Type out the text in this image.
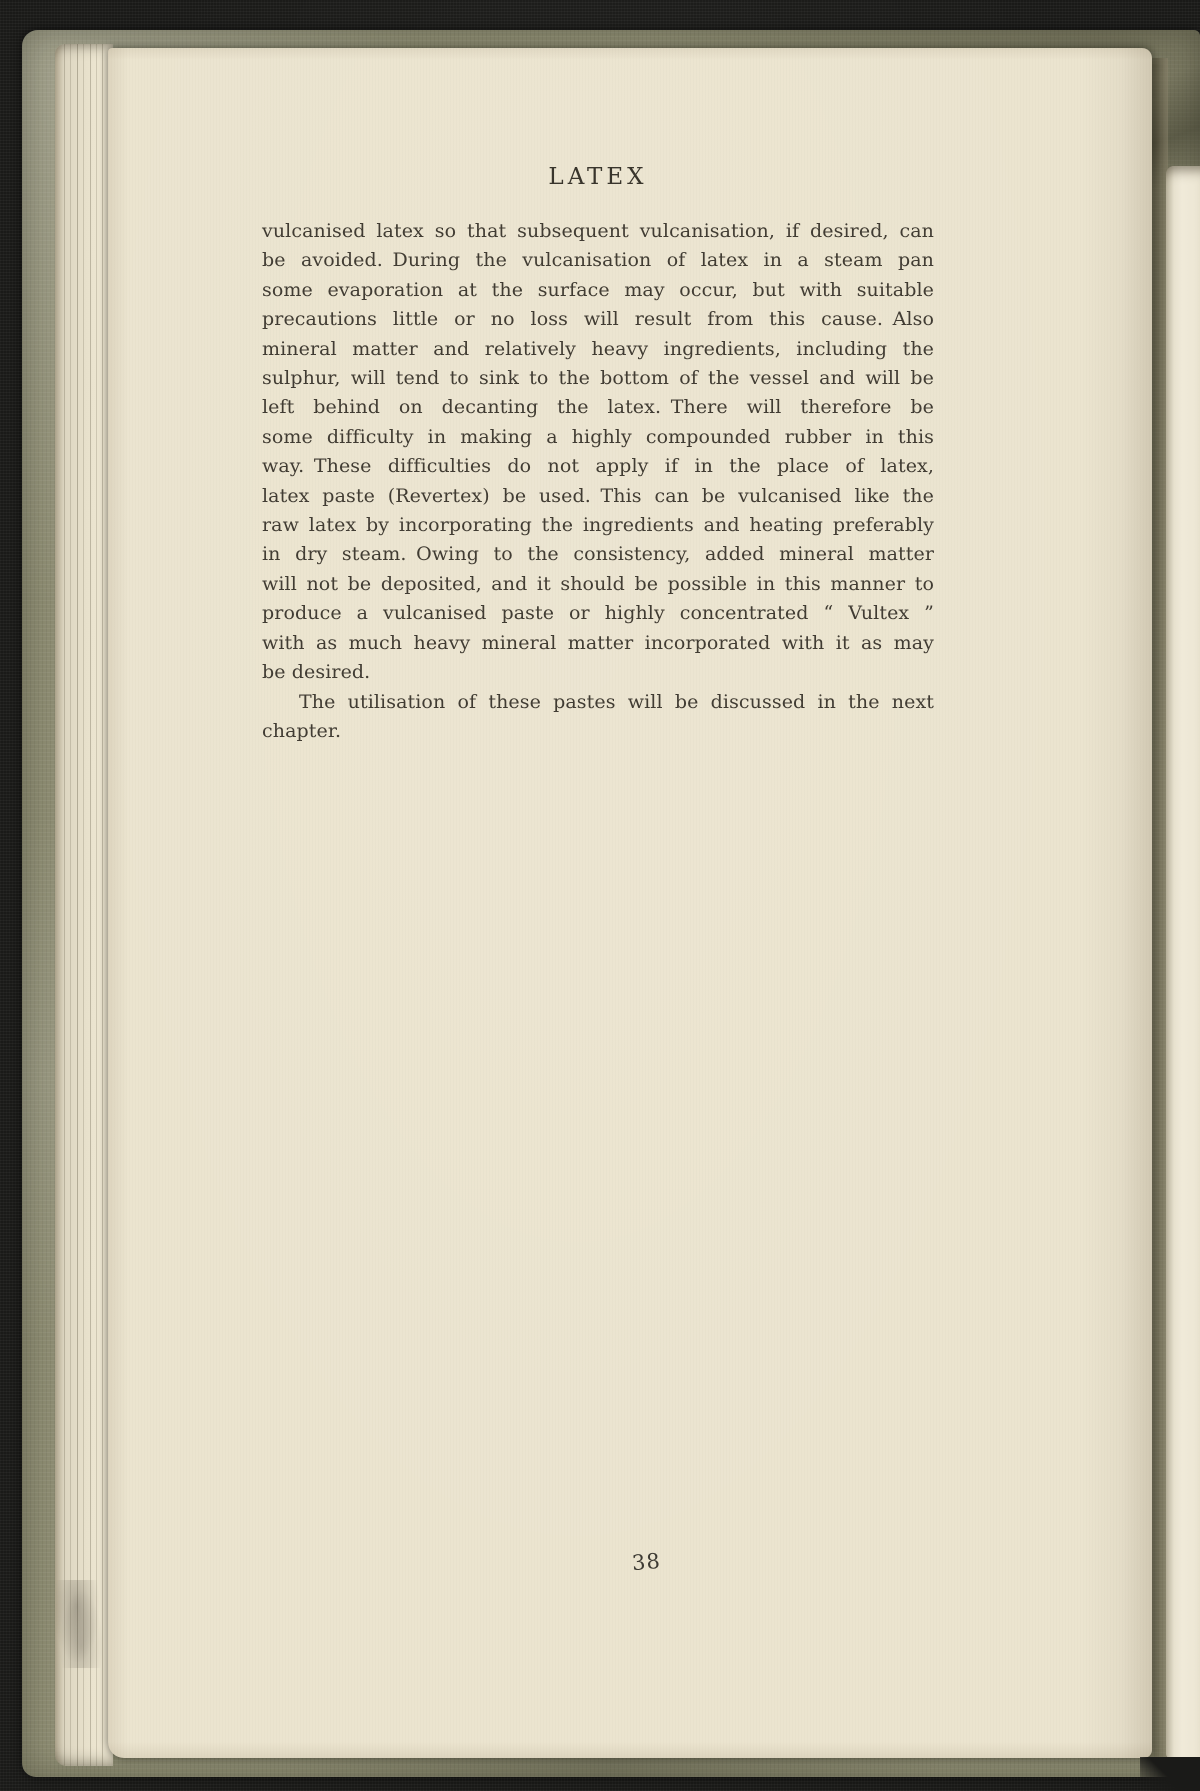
LATEX
vulcanised latex so that subsequent vulcanisation, if desired, can
be avoided. During the vulcanisation of latex in a steam pan
some evaporation at the surface may occur, but with suitable
precautions little or no loss will result from this cause. Also
mineral matter and relatively heavy ingredients, including the
sulphur, will tend to sink to the bottom of the vessel and will be
left behind on decanting the latex. There will therefore be
some difficulty in making a highly compounded rubber in this
way. These difficulties do not apply if in the place of latex,
latex paste (Revertex) be used. This can be vulcanised like the
raw latex by incorporating the ingredients and heating preferably
in dry steam. Owing to the consistency, added mineral matter
will not be deposited, and it should be possible in this manner to
produce a vulcanised paste or highly concentrated “ Vultex ”
with as much heavy mineral matter incorporated with it as may
be desired.
The utilisation of these pastes will be discussed in the next
chapter.
38
